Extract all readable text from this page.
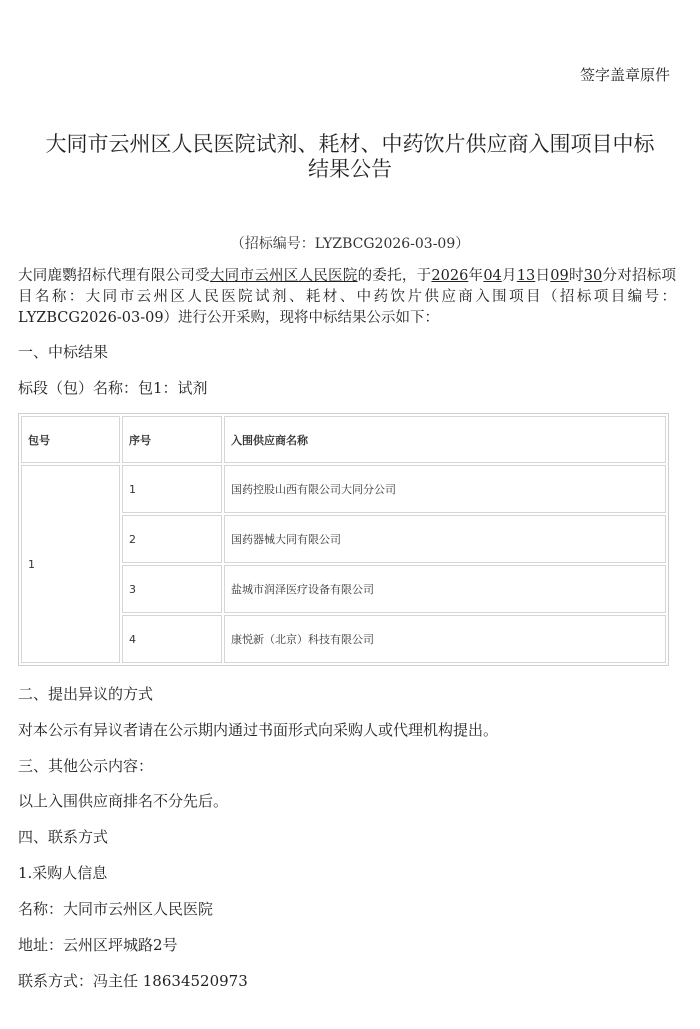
签字盖章原件
大同市云州区人民医院试剂、耗材、中药饮片供应商入围项目中标
结果公告
（招标编号：LYZBCG2026-03-09）
大同鹿鹦招标代理有限公司受大同市云州区人民医院的委托，于2026年04月13日09时30分对招标项目名称：大同市云州区人民医院试剂、耗材、中药饮片供应商入围项目（招标项目编号：LYZBCG2026-03-09）进行公开采购，现将中标结果公示如下：
一、中标结果
标段（包）名称：包1：试剂
包号	序号	入围供应商名称
1	1	国药控股山西有限公司大同分公司
	2	国药器械大同有限公司
	3	盐城市润泽医疗设备有限公司
	4	康悦新（北京）科技有限公司
二、提出异议的方式
对本公示有异议者请在公示期内通过书面形式向采购人或代理机构提出。
三、其他公示内容：
以上入围供应商排名不分先后。
四、联系方式
1.采购人信息
名称：大同市云州区人民医院
地址：云州区坪城路2号
联系方式：冯主任 18634520973
